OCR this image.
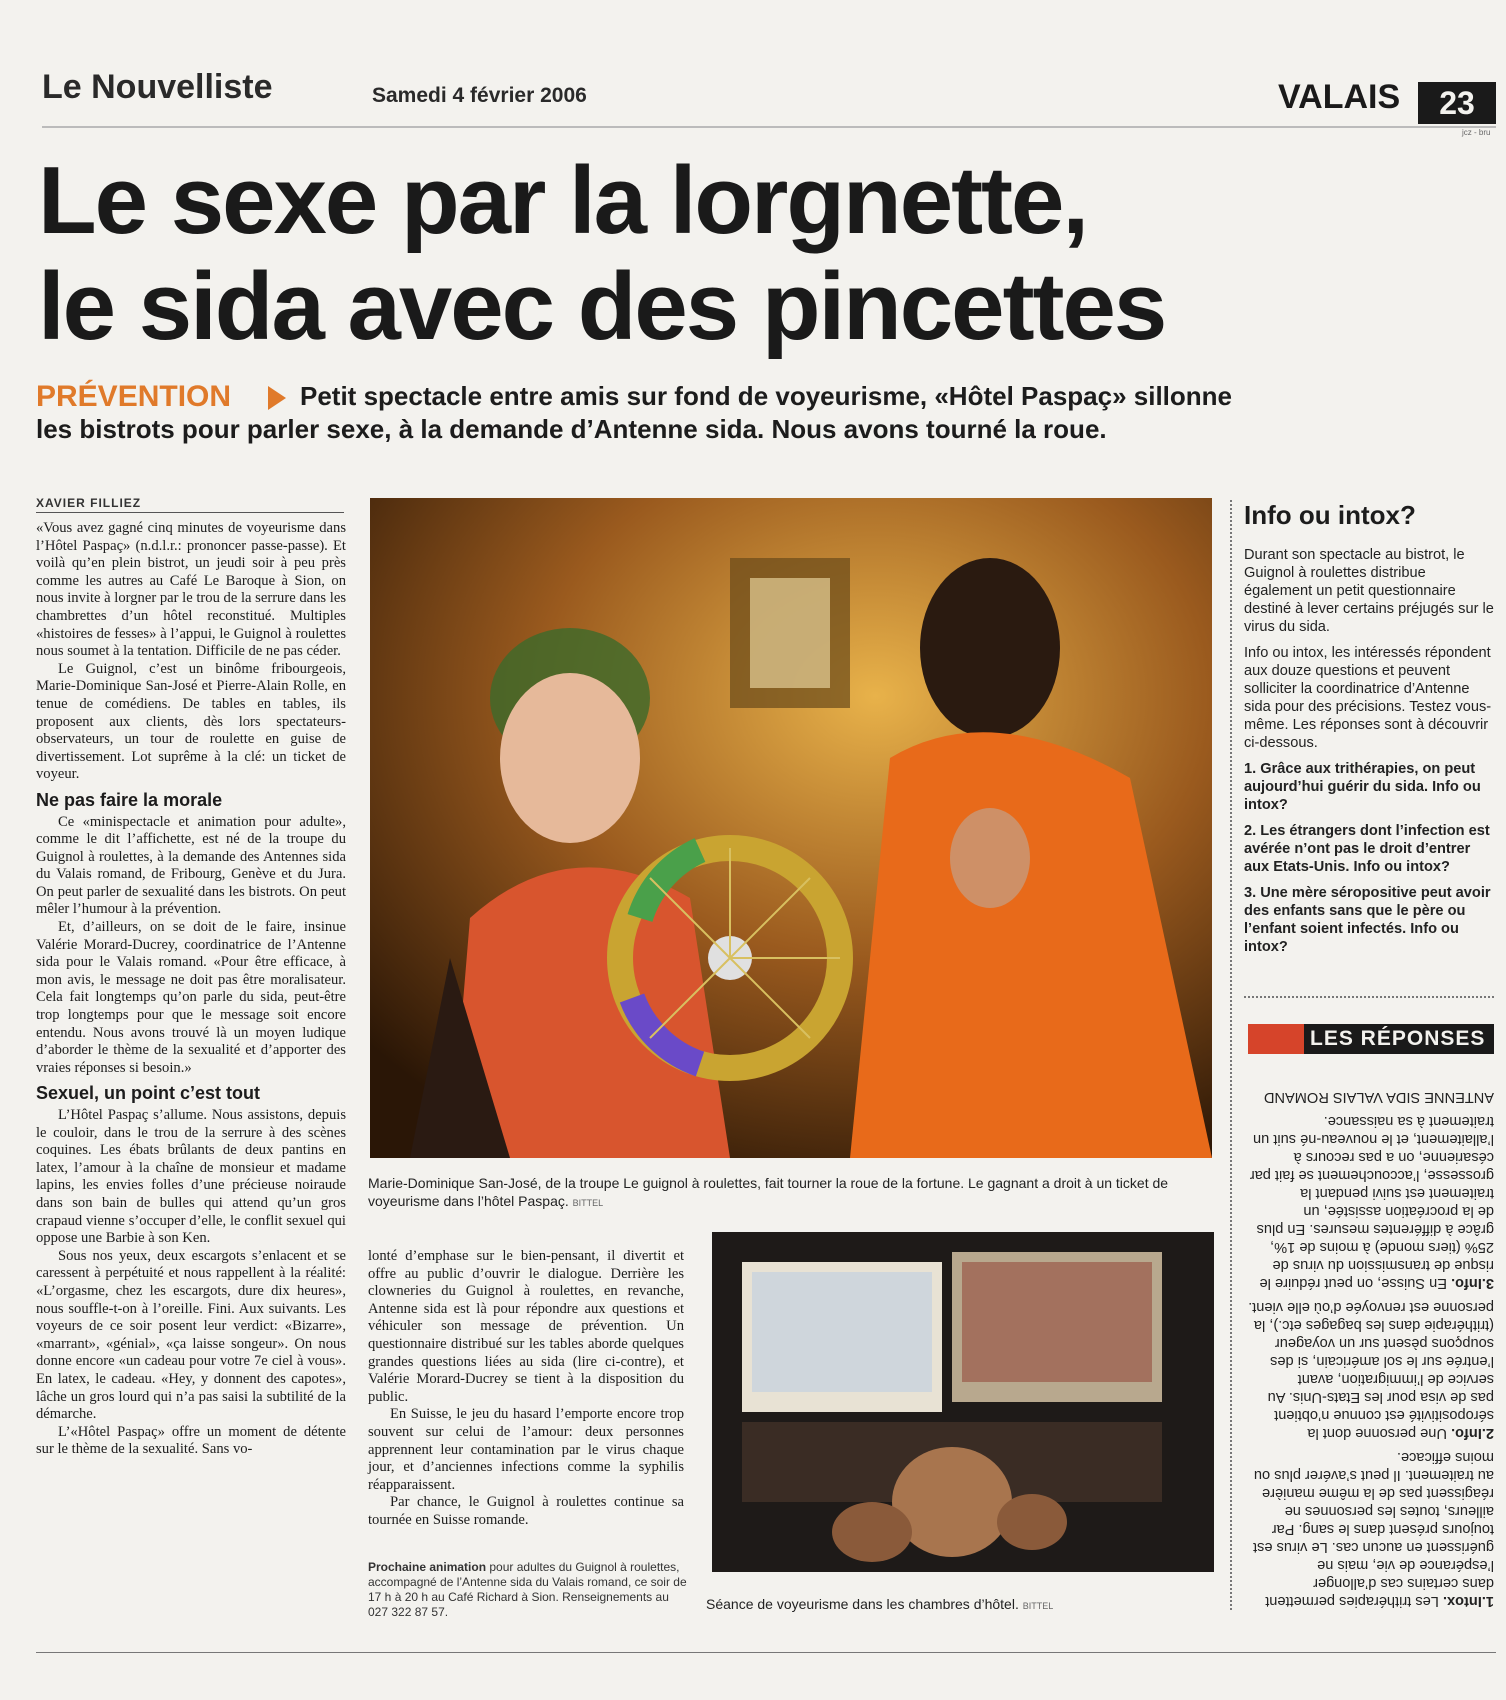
Le Nouvelliste	Samedi 4 février 2006	VALAIS	23
jcz - bru
Le sexe par la lorgnette,
le sida avec des pincettes
PRÉVENTION	Petit spectacle entre amis sur fond de voyeurisme, «Hôtel Paspaç» sillonne
les bistrots pour parler sexe, à la demande d’Antenne sida. Nous avons tourné la roue.
XAVIER FILLIEZ

«Vous avez gagné cinq minutes de voyeurisme dans l’Hôtel Paspaç» (n.d.l.r.: prononcer passe-passe). Et voilà qu’en plein bistrot, un jeudi soir à peu près comme les autres au Café Le Baroque à Sion, on nous invite à lorgner par le trou de la serrure dans les chambrettes d’un hôtel reconstitué. Multiples «histoires de fesses» à l’appui, le Guignol à roulettes nous soumet à la tentation. Difficile de ne pas céder.

Le Guignol, c’est un binôme fribourgeois, Marie-Dominique San-José et Pierre-Alain Rolle, en tenue de comédiens. De tables en tables, ils proposent aux clients, dès lors spectateurs-observateurs, un tour de roulette en guise de divertissement. Lot suprême à la clé: un ticket de voyeur.

Ne pas faire la morale

Ce «minispectacle et animation pour adulte», comme le dit l’affichette, est né de la troupe du Guignol à roulettes, à la demande des Antennes sida du Valais romand, de Fribourg, Genève et du Jura. On peut parler de sexualité dans les bistrots. On peut mêler l’humour à la prévention.

Et, d’ailleurs, on se doit de le faire, insinue Valérie Morard-Ducrey, coordinatrice de l’Antenne sida pour le Valais romand. «Pour être efficace, à mon avis, le message ne doit pas être moralisateur. Cela fait longtemps qu’on parle du sida, peut-être trop longtemps pour que le message soit encore entendu. Nous avons trouvé là un moyen ludique d’aborder le thème de la sexualité et d’apporter des vraies réponses si besoin.»

Sexuel, un point c’est tout

L’Hôtel Paspaç s’allume. Nous assistons, depuis le couloir, dans le trou de la serrure à des scènes coquines. Les ébats brûlants de deux pantins en latex, l’amour à la chaîne de monsieur et madame lapins, les envies folles d’une précieuse noiraude dans son bain de bulles qui attend qu’un gros crapaud vienne s’occuper d’elle, le conflit sexuel qui oppose une Barbie à son Ken.

Sous nos yeux, deux escargots s’enlacent et se caressent à perpétuité et nous rappellent à la réalité: «L’orgasme, chez les escargots, dure dix heures», nous souffle-t-on à l’oreille. Fini. Aux suivants. Les voyeurs de ce soir posent leur verdict: «Bizarre», «marrant», «génial», «ça laisse songeur». On nous donne encore «un cadeau pour votre 7e ciel à vous». En latex, le cadeau. «Hey, y donnent des capotes», lâche un gros lourd qui n’a pas saisi la subtilité de la démarche.

L’«Hôtel Paspaç» offre un moment de détente sur le thème de la sexualité. Sans vo-

Marie-Dominique San-José, de la troupe Le guignol à roulettes, fait tourner la roue de la fortune. Le gagnant a droit à un ticket de voyeurisme dans l’hôtel Paspaç. BITTEL

lonté d’emphase sur le bien-pensant, il divertit et offre au public d’ouvrir le dialogue. Derrière les clowneries du Guignol à roulettes, en revanche, Antenne sida est là pour répondre aux questions et véhiculer son message de prévention. Un questionnaire distribué sur les tables aborde quelques grandes questions liées au sida (lire ci-contre), et Valérie Morard-Ducrey se tient à la disposition du public.

En Suisse, le jeu du hasard l’emporte encore trop souvent sur celui de l’amour: deux personnes apprennent leur contamination par le virus chaque jour, et d’anciennes infections comme la syphilis réapparaissent.

Par chance, le Guignol à roulettes continue sa tournée en Suisse romande.

Prochaine animation pour adultes du Guignol à roulettes, accompagné de l’Antenne sida du Valais romand, ce soir de 17 h à 20 h au Café Richard à Sion. Renseignements au 027 322 87 57.	Séance de voyeurisme dans les chambres d’hôtel. BITTEL
Info ou intox?

Durant son spectacle au bistrot, le Guignol à roulettes distribue également un petit questionnaire destiné à lever certains préjugés sur le virus du sida.

Info ou intox, les intéressés répondent aux douze questions et peuvent solliciter la coordinatrice d’Antenne sida pour des précisions. Testez vous-même. Les réponses sont à découvrir ci-dessous.

1. Grâce aux trithérapies, on peut aujourd’hui guérir du sida. Info ou intox?

2. Les étrangers dont l’infection est avérée n’ont pas le droit d’entrer aux Etats-Unis. Info ou intox?

3. Une mère séropositive peut avoir des enfants sans que le père ou l’enfant soient infectés. Info ou intox?

LES RÉPONSES

1.Intox. Les trithérapies permettent dans certains cas d’allonger l’espérance de vie, mais ne guérissent en aucun cas. Le virus est toujours présent dans le sang. Par ailleurs, toutes les personnes ne réagissent pas de la même manière au traitement. Il peut s’avérer plus ou moins efficace.

2.Info. Une personne dont la séropositivité est connue n’obtient pas de visa pour les Etats-Unis. Au service de l’immigration, avant l’entrée sur le sol américain, si des soupçons pèsent sur un voyageur (trithérapie dans les bagages etc.), la personne est renvoyée d’où elle vient.

3.Info. En Suisse, on peut réduire le risque de transmission du virus de 25% (tiers monde) à moins de 1%, grâce à différentes mesures. En plus de la procréation assistée, un traitement est suivi pendant la grossesse, l’accouchement se fait par césarienne, on a pas recours à l’allaitement, et le nouveau-né suit un traitement à sa naissance.

ANTENNE SIDA VALAIS ROMAND
